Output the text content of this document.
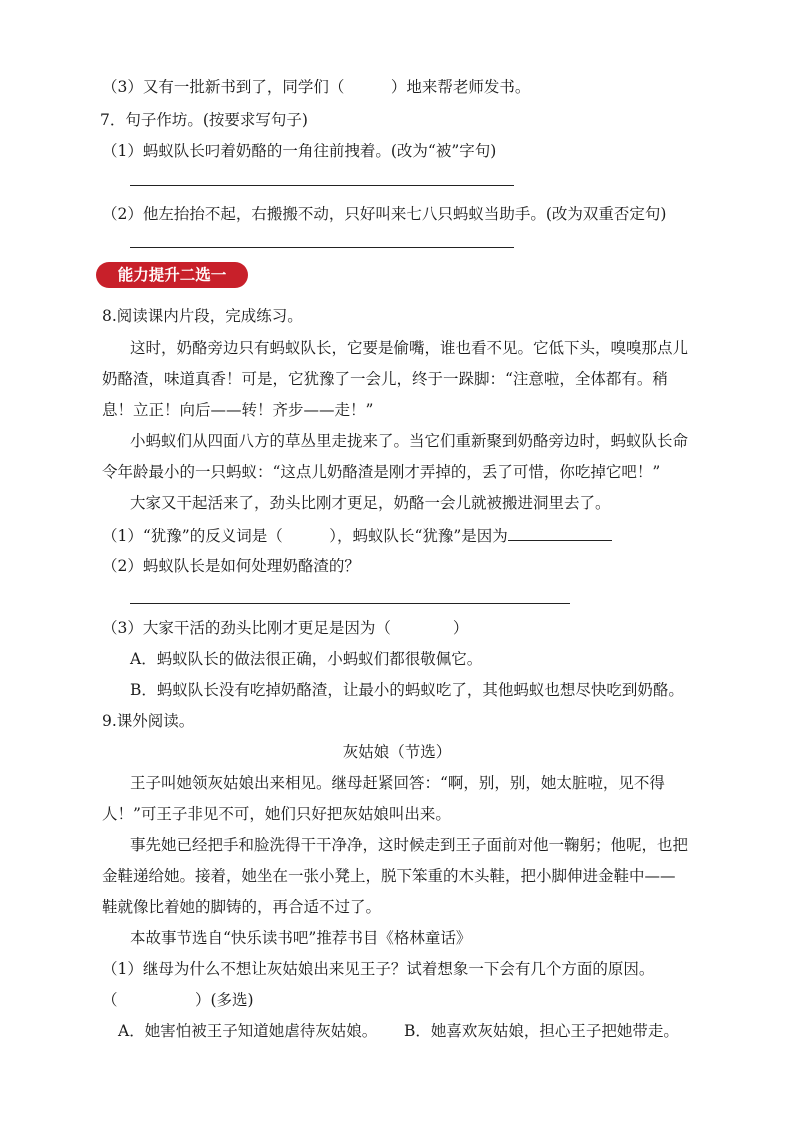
（3）又有一批新书到了，同学们（　　　）地来帮老师发书。
7．句子作坊。(按要求写句子)
（1）蚂蚁队长叼着奶酪的一角往前拽着。(改为“被”字句)
（2）他左抬抬不起，右搬搬不动，只好叫来七八只蚂蚁当助手。(改为双重否定句)
能力提升二选一
8.阅读课内片段，完成练习。
这时，奶酪旁边只有蚂蚁队长，它要是偷嘴，谁也看不见。它低下头，嗅嗅那点儿
奶酪渣，味道真香！可是，它犹豫了一会儿，终于一跺脚：“注意啦，全体都有。稍
息！立正！向后——转！齐步——走！”
小蚂蚁们从四面八方的草丛里走拢来了。当它们重新聚到奶酪旁边时，蚂蚁队长命
令年龄最小的一只蚂蚁：“这点儿奶酪渣是刚才弄掉的，丢了可惜，你吃掉它吧！”
大家又干起活来了，劲头比刚才更足，奶酪一会儿就被搬进洞里去了。
（1）“犹豫”的反义词是（　　　），蚂蚁队长“犹豫”是因为
（2）蚂蚁队长是如何处理奶酪渣的？
（3）大家干活的劲头比刚才更足是因为（　　　　）
A．蚂蚁队长的做法很正确，小蚂蚁们都很敬佩它。
B．蚂蚁队长没有吃掉奶酪渣，让最小的蚂蚁吃了，其他蚂蚁也想尽快吃到奶酪。
9.课外阅读。
灰姑娘（节选）
王子叫她领灰姑娘出来相见。继母赶紧回答：“啊，别，别，她太脏啦，见不得
人！”可王子非见不可，她们只好把灰姑娘叫出来。
事先她已经把手和脸洗得干干净净，这时候走到王子面前对他一鞠躬；他呢，也把
金鞋递给她。接着，她坐在一张小凳上，脱下笨重的木头鞋，把小脚伸进金鞋中——
鞋就像比着她的脚铸的，再合适不过了。
本故事节选自“快乐读书吧”推荐书目《格林童话》
（1）继母为什么不想让灰姑娘出来见王子？试着想象一下会有几个方面的原因。
（　　　　　）(多选)
A．她害怕被王子知道她虐待灰姑娘。 B．她喜欢灰姑娘，担心王子把她带走。
